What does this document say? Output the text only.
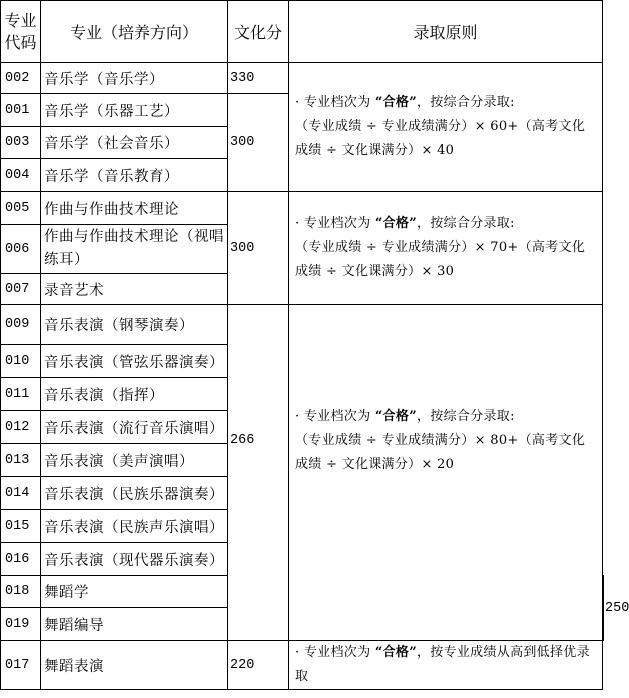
专业代码	专业（培养方向）	文化分	录取原则	
002	音乐学（音乐学）	330	· 专业档次为 “合格”，按综合分录取:
（专业成绩 ÷ 专业成绩满分）× 60+（高考文化成绩 ÷ 文化课满分）× 40	
001	音乐学（乐器工艺）	300		
003	音乐学（社会音乐）			
004	音乐学（音乐教育）			
005	作曲与作曲技术理论	300	· 专业档次为 “合格”，按综合分录取:
（专业成绩 ÷ 专业成绩满分）× 70+（高考文化成绩 ÷ 文化课满分）× 30	
006	作曲与作曲技术理论（视唱练耳）			
007	录音艺术			
009	音乐表演（钢琴演奏）	266	· 专业档次为 “合格”，按综合分录取:
（专业成绩 ÷ 专业成绩满分）× 80+（高考文化成绩 ÷ 文化课满分）× 20	
010	音乐表演（管弦乐器演奏）			
011	音乐表演（指挥）			
012	音乐表演（流行音乐演唱）			
013	音乐表演（美声演唱）			
014	音乐表演（民族乐器演奏）			
015	音乐表演（民族声乐演唱）			
016	音乐表演（现代器乐演奏）			
018	舞蹈学			250
019	舞蹈编导			
017	舞蹈表演	220	· 专业档次为 “合格”，按专业成绩从高到低择优录取	
